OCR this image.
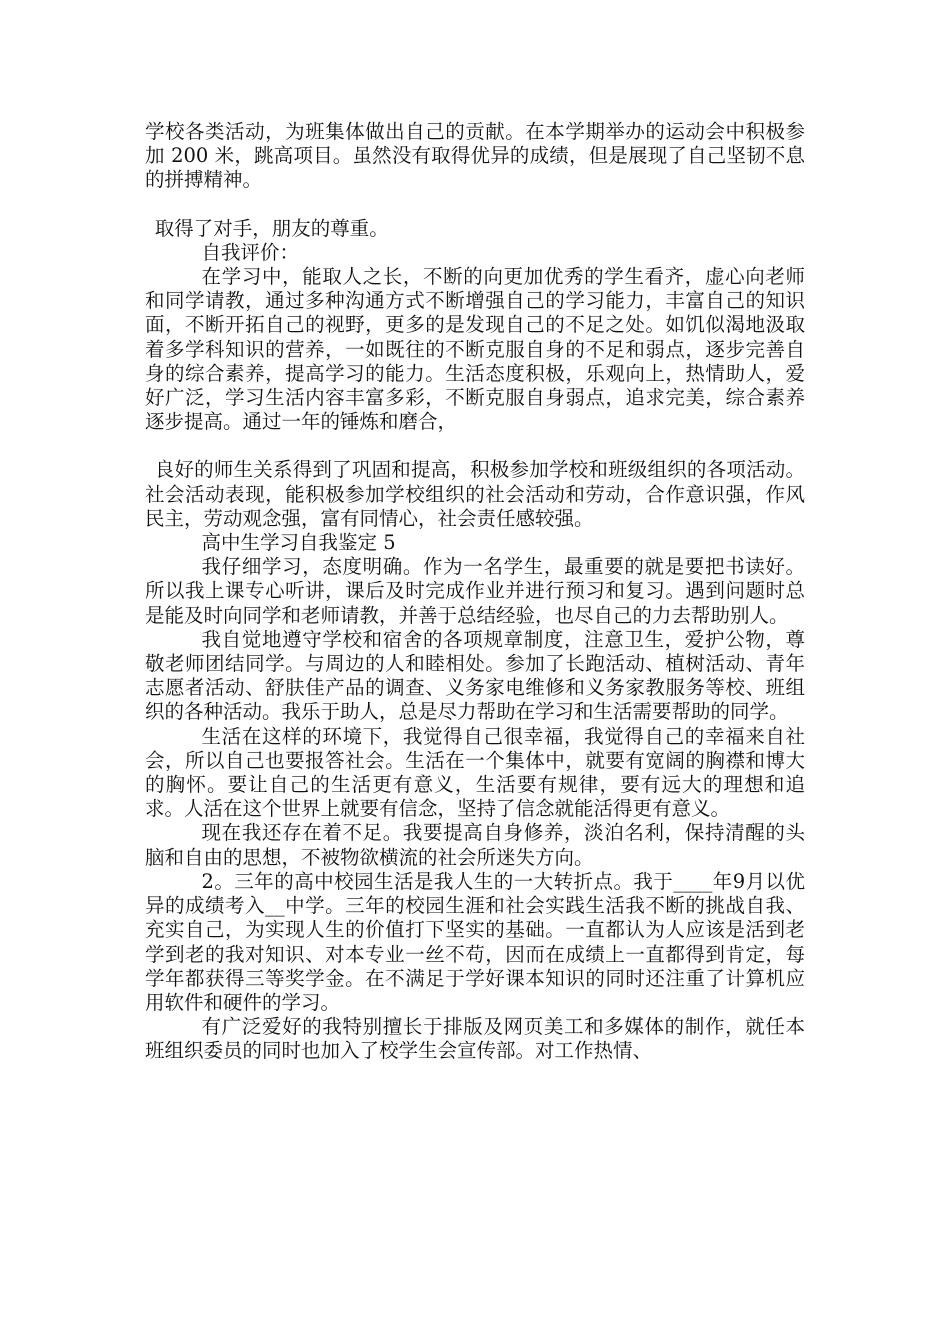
学校各类活动，为班集体做出自己的贡献。在本学期举办的运动会中积极参加 200 米，跳高项目。虽然没有取得优异的成绩，但是展现了自己坚韧不息的拼搏精神。

取得了对手，朋友的尊重。

自我评价：

在学习中，能取人之长，不断的向更加优秀的学生看齐，虚心向老师和同学请教，通过多种沟通方式不断增强自己的学习能力，丰富自己的知识面，不断开拓自己的视野，更多的是发现自己的不足之处。如饥似渴地汲取着多学科知识的营养，一如既往的不断克服自身的不足和弱点，逐步完善自身的综合素养，提高学习的能力。生活态度积极，乐观向上，热情助人，爱好广泛，学习生活内容丰富多彩，不断克服自身弱点，追求完美，综合素养逐步提高。通过一年的锤炼和磨合，

良好的师生关系得到了巩固和提高，积极参加学校和班级组织的各项活动。社会活动表现，能积极参加学校组织的社会活动和劳动，合作意识强，作风民主，劳动观念强，富有同情心，社会责任感较强。

高中生学习自我鉴定 5

我仔细学习，态度明确。作为一名学生，最重要的就是要把书读好。所以我上课专心听讲，课后及时完成作业并进行预习和复习。遇到问题时总是能及时向同学和老师请教，并善于总结经验，也尽自己的力去帮助别人。

我自觉地遵守学校和宿舍的各项规章制度，注意卫生，爱护公物，尊敬老师团结同学。与周边的人和睦相处。参加了长跑活动、植树活动、青年志愿者活动、舒肤佳产品的调查、义务家电维修和义务家教服务等校、班组织的各种活动。我乐于助人，总是尽力帮助在学习和生活需要帮助的同学。

生活在这样的环境下，我觉得自己很幸福，我觉得自己的幸福来自社会，所以自己也要报答社会。生活在一个集体中，就要有宽阔的胸襟和博大的胸怀。要让自己的生活更有意义，生活要有规律，要有远大的理想和追求。人活在这个世界上就要有信念，坚持了信念就能活得更有意义。

现在我还存在着不足。我要提高自身修养，淡泊名利，保持清醒的头脑和自由的思想，不被物欲横流的社会所迷失方向。

2。三年的高中校园生活是我人生的一大转折点。我于____年9月以优异的成绩考入__中学。三年的校园生涯和社会实践生活我不断的挑战自我、充实自己，为实现人生的价值打下坚实的基础。一直都认为人应该是活到老学到老的我对知识、对本专业一丝不苟，因而在成绩上一直都得到肯定，每学年都获得三等奖学金。在不满足于学好课本知识的同时还注重了计算机应用软件和硬件的学习。

有广泛爱好的我特别擅长于排版及网页美工和多媒体的制作，就任本班组织委员的同时也加入了校学生会宣传部。对工作热情、
